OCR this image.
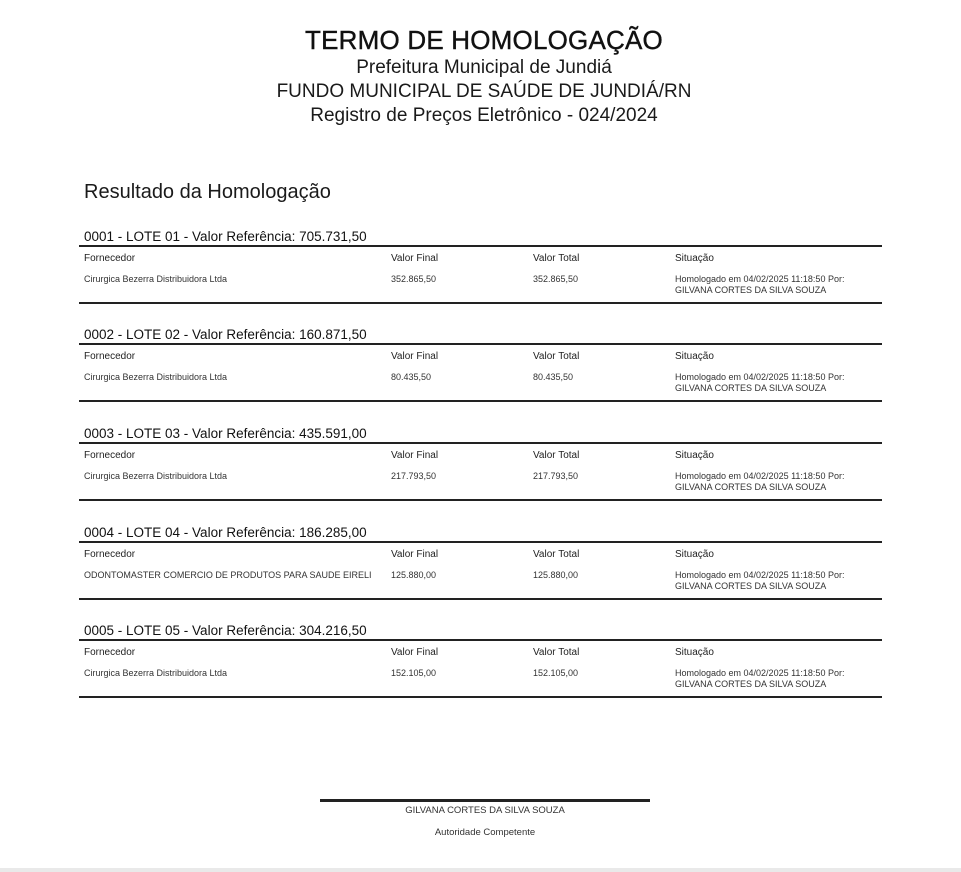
TERMO DE HOMOLOGAÇÃO

Prefeitura Municipal de Jundiá

FUNDO MUNICIPAL DE SAÚDE DE JUNDIÁ/RN

Registro de Preços Eletrônico - 024/2024

Resultado da Homologação

0001 - LOTE 01 - Valor Referência: 705.731,50
Fornecedor	Valor Final	Valor Total	Situação
Cirurgica Bezerra Distribuidora Ltda	352.865,50	352.865,50	Homologado em 04/02/2025 11:18:50 Por: GILVANA CORTES DA SILVA SOUZA
0002 - LOTE 02 - Valor Referência: 160.871,50
Fornecedor	Valor Final	Valor Total	Situação
Cirurgica Bezerra Distribuidora Ltda	80.435,50	80.435,50	Homologado em 04/02/2025 11:18:50 Por: GILVANA CORTES DA SILVA SOUZA
0003 - LOTE 03 - Valor Referência: 435.591,00
Fornecedor	Valor Final	Valor Total	Situação
Cirurgica Bezerra Distribuidora Ltda	217.793,50	217.793,50	Homologado em 04/02/2025 11:18:50 Por: GILVANA CORTES DA SILVA SOUZA
0004 - LOTE 04 - Valor Referência: 186.285,00
Fornecedor	Valor Final	Valor Total	Situação
ODONTOMASTER COMERCIO DE PRODUTOS PARA SAUDE EIRELI	125.880,00	125.880,00	Homologado em 04/02/2025 11:18:50 Por: GILVANA CORTES DA SILVA SOUZA
0005 - LOTE 05 - Valor Referência: 304.216,50
Fornecedor	Valor Final	Valor Total	Situação
Cirurgica Bezerra Distribuidora Ltda	152.105,00	152.105,00	Homologado em 04/02/2025 11:18:50 Por: GILVANA CORTES DA SILVA SOUZA
GILVANA CORTES DA SILVA SOUZA
Autoridade Competente
